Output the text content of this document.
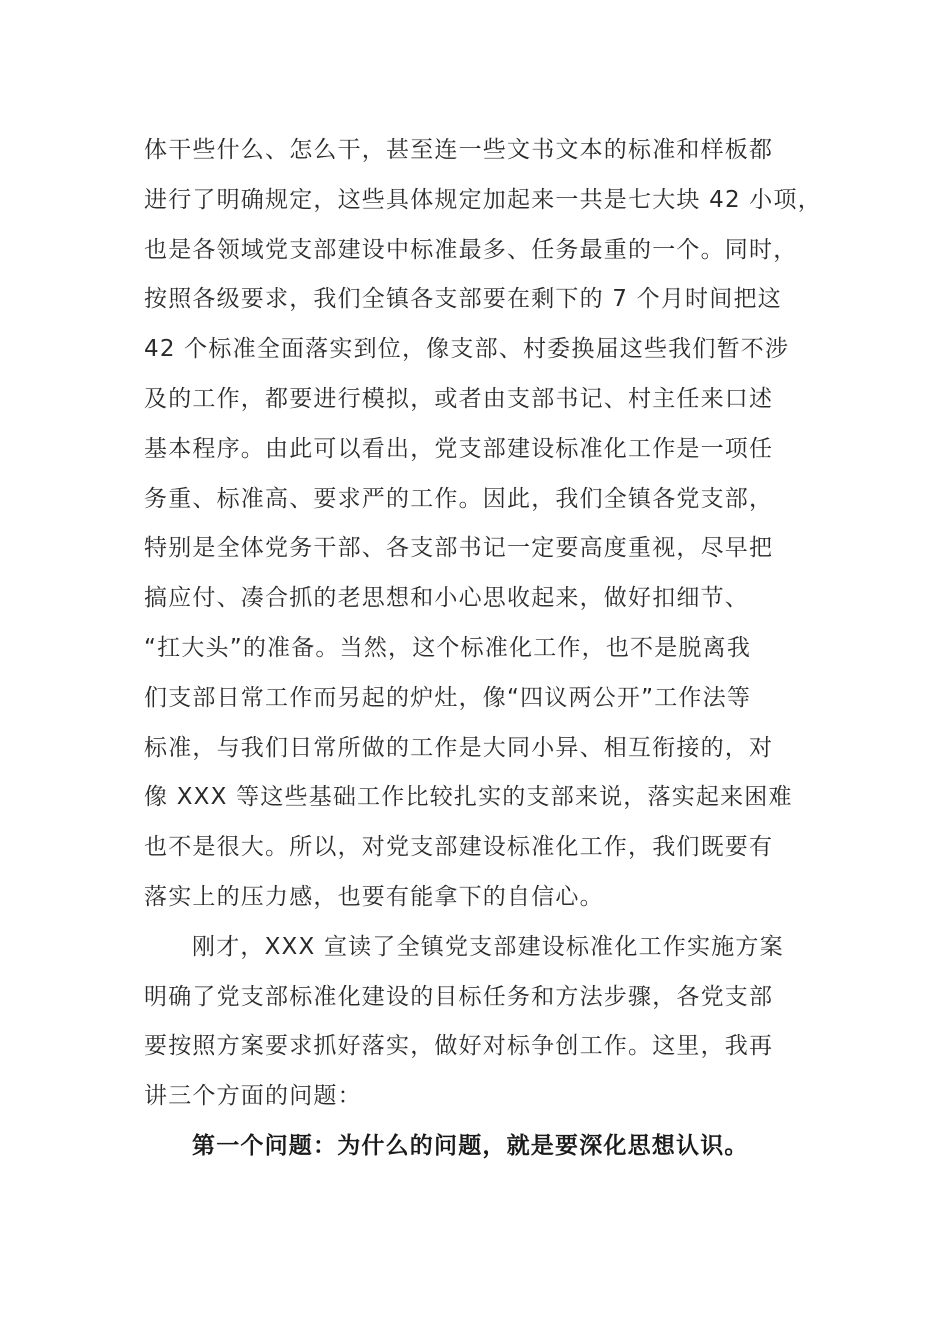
体干些什么、怎么干，甚至连一些文书文本的标准和样板都
进行了明确规定，这些具体规定加起来一共是七大块 42 小项，
也是各领域党支部建设中标准最多、任务最重的一个。同时，
按照各级要求，我们全镇各支部要在剩下的 7 个月时间把这
42 个标准全面落实到位，像支部、村委换届这些我们暂不涉
及的工作，都要进行模拟，或者由支部书记、村主任来口述
基本程序。由此可以看出，党支部建设标准化工作是一项任
务重、标准高、要求严的工作。因此，我们全镇各党支部，
特别是全体党务干部、各支部书记一定要高度重视，尽早把
搞应付、凑合抓的老思想和小心思收起来，做好扣细节、
“扛大头”的准备。当然，这个标准化工作，也不是脱离我
们支部日常工作而另起的炉灶，像“四议两公开”工作法等
标准，与我们日常所做的工作是大同小异、相互衔接的，对
像 XXX 等这些基础工作比较扎实的支部来说，落实起来困难
也不是很大。所以，对党支部建设标准化工作，我们既要有
落实上的压力感，也要有能拿下的自信心。
刚才，XXX 宣读了全镇党支部建设标准化工作实施方案
明确了党支部标准化建设的目标任务和方法步骤，各党支部
要按照方案要求抓好落实，做好对标争创工作。这里，我再
讲三个方面的问题：
第一个问题：为什么的问题，就是要深化思想认识。
